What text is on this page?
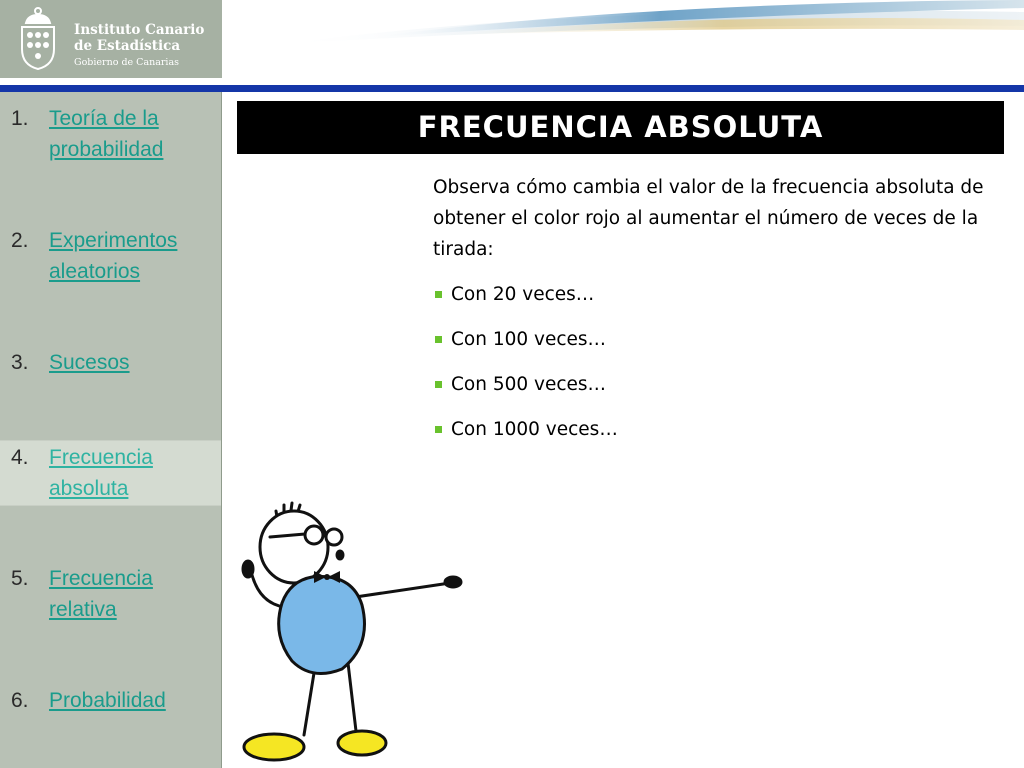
Instituto Canario
de Estadística
Gobierno de Canarias
1. Teoría de la probabilidad
2. Experimentos aleatorios
3. Sucesos
4. Frecuencia absoluta
5. Frecuencia relativa
6. Probabilidad
FRECUENCIA ABSOLUTA

Observa cómo cambia el valor de la frecuencia absoluta de obtener el color rojo al aumentar el número de veces de la tirada:

Con 20 veces…
Con 100 veces…
Con 500 veces…
Con 1000 veces…
